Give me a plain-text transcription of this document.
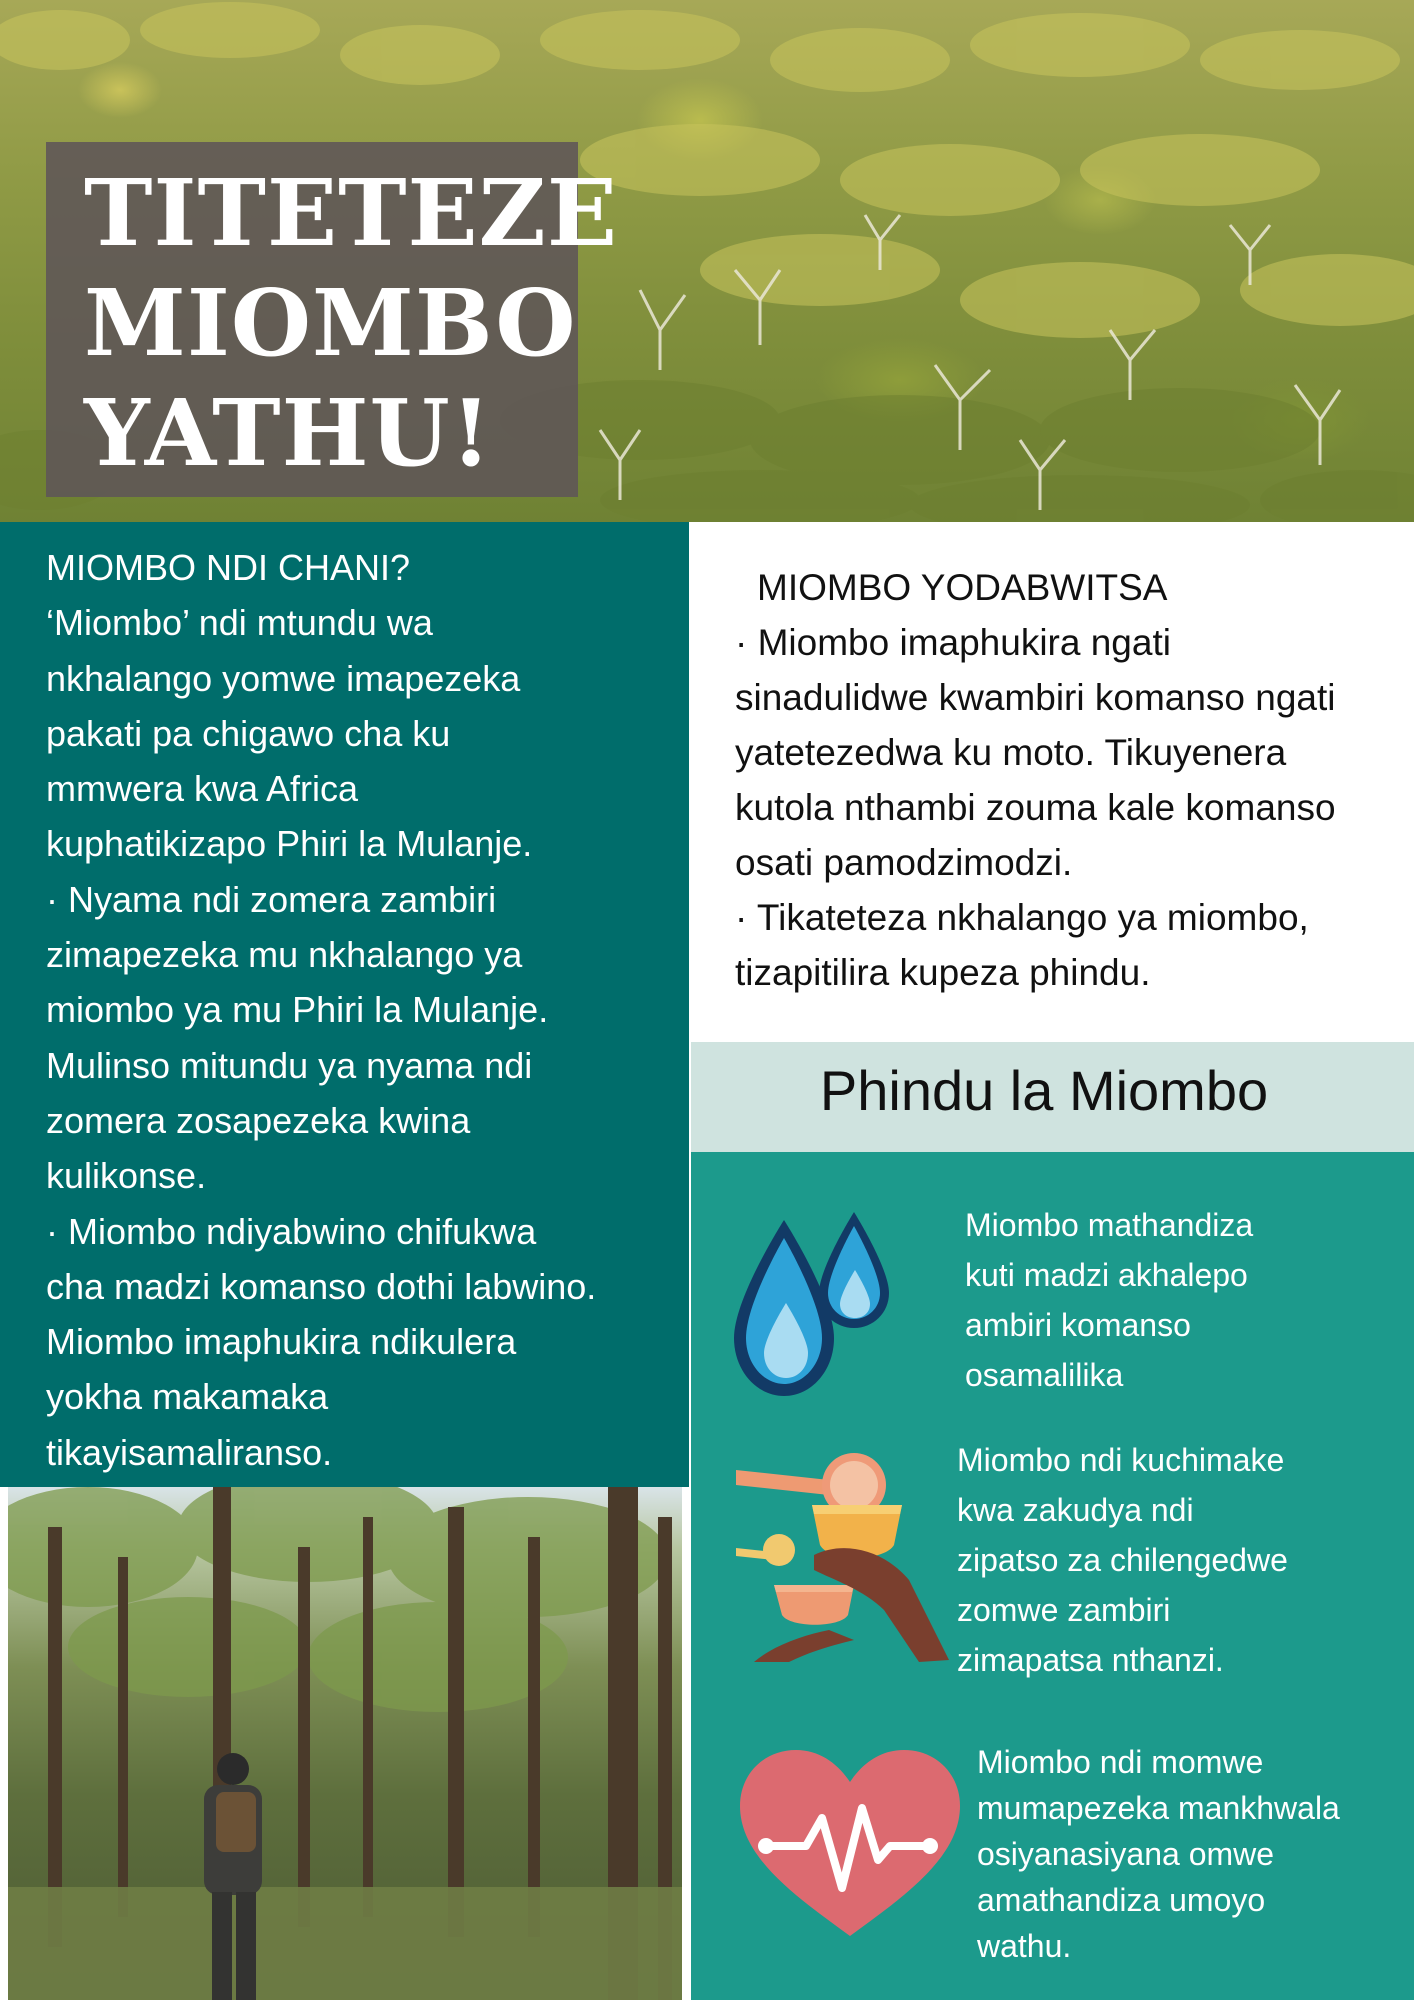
TITETEZE
MIOMBO
YATHU!

MIOMBO NDI CHANI?

‘Miombo’ ndi mtundu wa

nkhalango yomwe imapezeka

pakati pa chigawo cha ku

mmwera kwa Africa

kuphatikizapo Phiri la Mulanje.

· Nyama ndi zomera zambiri

zimapezeka mu nkhalango ya

miombo ya mu Phiri la Mulanje.

Mulinso mitundu ya nyama ndi

zomera zosapezeka kwina

kulikonse.

· Miombo ndiyabwino chifukwa

cha madzi komanso dothi labwino.

Miombo imaphukira ndikulera

yokha makamaka

tikayisamaliranso.

MIOMBO YODABWITSA

· Miombo imaphukira ngati

sinadulidwe kwambiri komanso ngati

yatetezedwa ku moto. Tikuyenera

kutola nthambi zouma kale komanso

osati pamodzimodzi.

· Tikateteza nkhalango ya miombo,

tizapitilira kupeza phindu.

Phindu la Miombo

Miombo mathandiza

kuti madzi akhalepo

ambiri komanso

osamalilika

Miombo ndi kuchimake

kwa zakudya ndi

zipatso za chilengedwe

zomwe zambiri

zimapatsa nthanzi.

Miombo ndi momwe

mumapezeka mankhwala

osiyanasiyana omwe

amathandiza umoyo

wathu.
